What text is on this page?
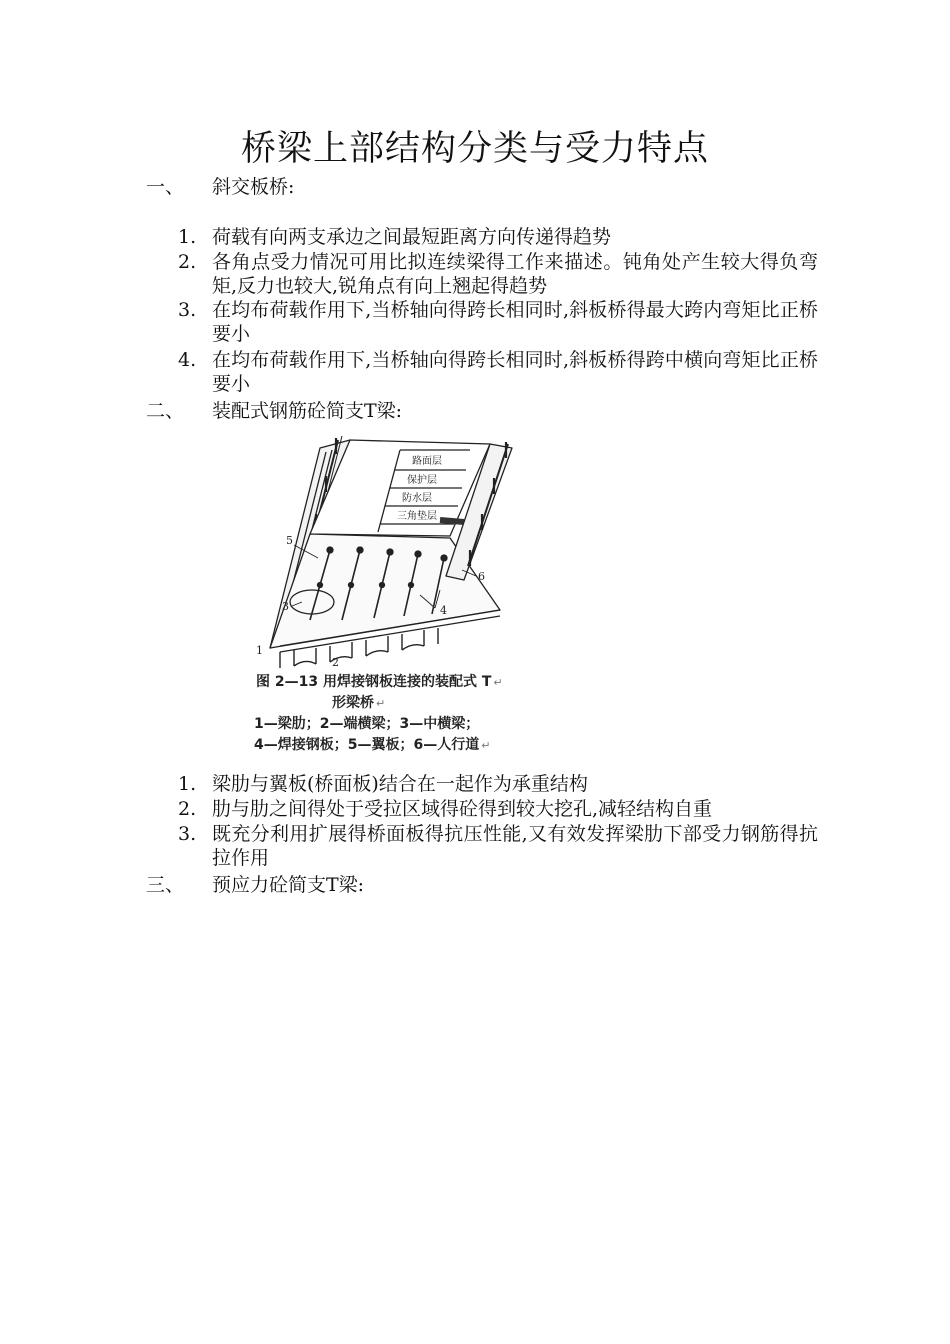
桥梁上部结构分类与受力特点
一、 斜交板桥:
1. 荷载有向两支承边之间最短距离方向传递得趋势
2. 各角点受力情况可用比拟连续梁得工作来描述。钝角处产生较大得负弯矩,反力也较大,锐角点有向上翘起得趋势
3. 在均布荷载作用下,当桥轴向得跨长相同时,斜板桥得最大跨内弯矩比正桥要小
4. 在均布荷载作用下,当桥轴向得跨长相同时,斜板桥得跨中横向弯矩比正桥要小
二、 装配式钢筋砼简支T梁:
路面层
保护层
防水层
三角垫层
1
2
3	4
5
6
图 2—13 用焊接钢板连接的装配式 T ↵
形梁桥 ↵
1—梁肋；2—端横梁；3—中横梁；
4—焊接钢板；5—翼板；6—人行道 ↵
1. 梁肋与翼板(桥面板)结合在一起作为承重结构
2. 肋与肋之间得处于受拉区域得砼得到较大挖孔,减轻结构自重
3. 既充分利用扩展得桥面板得抗压性能,又有效发挥梁肋下部受力钢筋得抗拉作用
三、 预应力砼简支T梁:
